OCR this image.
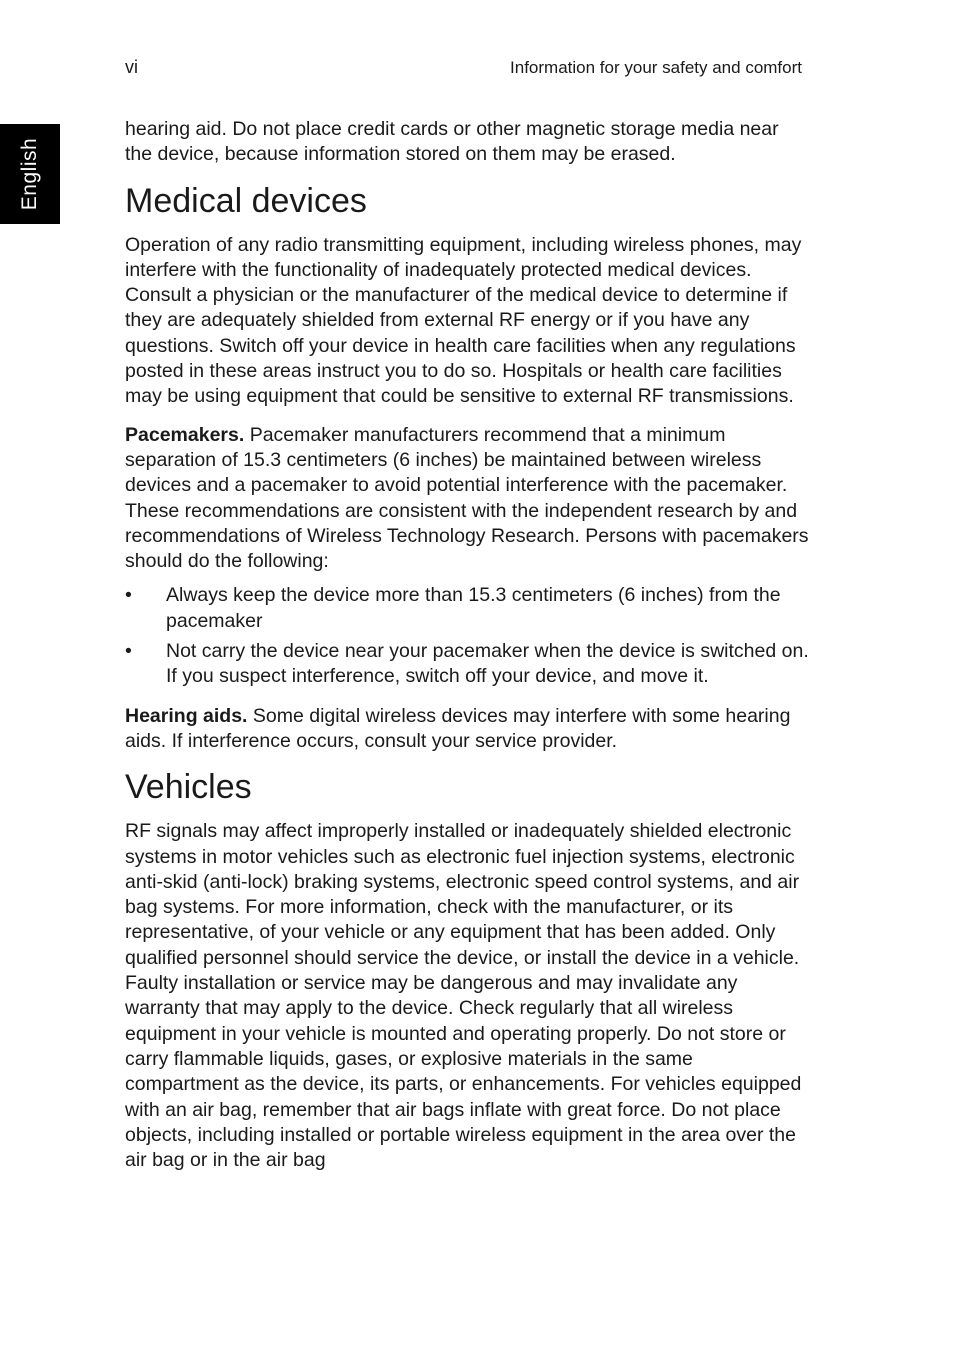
English
vi	Information for your safety and comfort

hearing aid. Do not place credit cards or other magnetic storage media near the device, because information stored on them may be erased.

Medical devices

Operation of any radio transmitting equipment, including wireless phones, may interfere with the functionality of inadequately protected medical devices. Consult a physician or the manufacturer of the medical device to determine if they are adequately shielded from external RF energy or if you have any questions. Switch off your device in health care facilities when any regulations posted in these areas instruct you to do so. Hospitals or health care facilities may be using equipment that could be sensitive to external RF transmissions.

Pacemakers. Pacemaker manufacturers recommend that a minimum separation of 15.3 centimeters (6 inches) be maintained between wireless devices and a pacemaker to avoid potential interference with the pacemaker. These recommendations are consistent with the independent research by and recommendations of Wireless Technology Research. Persons with pacemakers should do the following:

• Always keep the device more than 15.3 centimeters (6 inches) from the pacemaker
• Not carry the device near your pacemaker when the device is switched on.
If you suspect interference, switch off your device, and move it.

Hearing aids. Some digital wireless devices may interfere with some hearing aids. If interference occurs, consult your service provider.

Vehicles

RF signals may affect improperly installed or inadequately shielded electronic systems in motor vehicles such as electronic fuel injection systems, electronic anti-skid (anti-lock) braking systems, electronic speed control systems, and air bag systems. For more information, check with the manufacturer, or its representative, of your vehicle or any equipment that has been added. Only qualified personnel should service the device, or install the device in a vehicle. Faulty installation or service may be dangerous and may invalidate any warranty that may apply to the device. Check regularly that all wireless equipment in your vehicle is mounted and operating properly. Do not store or carry flammable liquids, gases, or explosive materials in the same compartment as the device, its parts, or enhancements. For vehicles equipped with an air bag, remember that air bags inflate with great force. Do not place objects, including installed or portable wireless equipment in the area over the air bag or in the air bag
